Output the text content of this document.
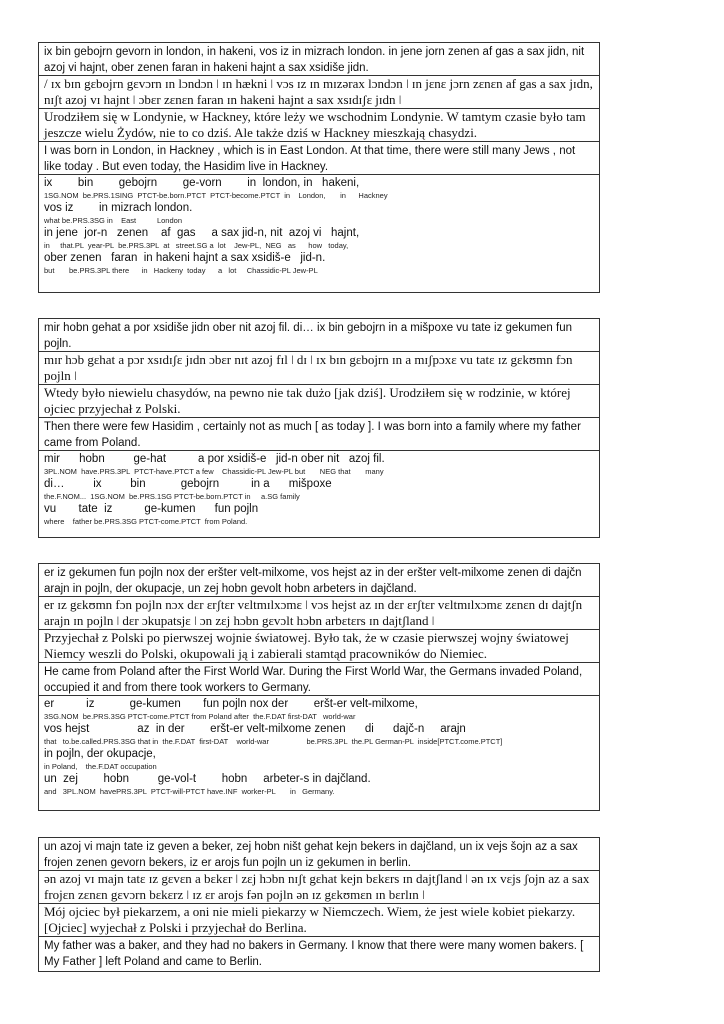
ix bin gebojrn gevorn in london, in hakeni, vos iz in mizrach london. in jene jorn zenen af gas a sax jidn, nit azoj vi hajnt, ober zenen faran in hakeni hajnt a sax xsidiše jidn.
/ ɪx bɪn gɛbojrn gɛvɔrn ɪn lɔndɔn ǀ ɪn hækni ǀ vɔs ɪz ɪn mɪzərax lɔndɔn ǀ ɪn jɛnɛ jɔrn zɛnɛn af gas a sax jɪdn, nɪʃt azoj vɪ hajnt ǀ ɔbɛr zɛnɛn faran ɪn hakeni hajnt a sax xsɪdɪʃɛ jɪdn ǀ
Urodziłem się w Londynie, w Hackney, które leży we wschodnim Londynie. W tamtym czasie było tam jeszcze wielu Żydów, nie to co dziś. Ale także dziś w Hackney mieszkają chasydzi.
I was born in London, in Hackney , which is in East London. At that time, there were still many Jews , not like today . But even today, the Hasidim live in Hackney.
ix        bin        gebojrn        ge-vorn        in  london, in   hakeni,
1SG.NOM  be.PRS.1SING  PTCT-be.born.PTCT  PTCT-become.PTCT  in    London,       in      Hackney
vos iz        in mizrach london.
what be.PRS.3SG in    East          London
in jene  jor-n   zenen    af  gas     a sax jid-n, nit  azoj vi   hajnt,
in     that.PL  year-PL  be.PRS.3PL  at   street.SG a  lot    Jew-PL,  NEG   as      how   today,
ober zenen   faran  in hakeni hajnt a sax xsidiš-e   jid-n.
but       be.PRS.3PL there      in   Hackeny  today      a   lot     Chassidic-PL Jew-PL
mir hobn gehat a por xsidiše jidn ober nit azoj fil. di… ix bin gebojrn in a mišpoxe vu tate iz gekumen fun pojln.
mɪr hɔb gɛhat a pɔr xsɪdɪʃɛ jɪdn ɔbɛr nɪt azoj fɪl ǀ dɪ ǀ ɪx bɪn gɛbojrn ɪn a mɪʃpɔxɛ vu tatɛ ɪz gɛkʊmn fɔn pojln ǀ
Wtedy było niewielu chasydów, na pewno nie tak dużo [jak dziś]. Urodziłem się w rodzinie, w której ojciec przyjechał z Polski.
Then there were few Hasidim , certainly not as much [ as today ]. I was born into a family where my father came from Poland.
mir      hobn         ge-hat          a por xsidiš-e   jid-n ober nit   azoj fil.
3PL.NOM  have.PRS.3PL  PTCT-have.PTCT a few    Chassidic-PL Jew-PL but       NEG that       many
di…         ix         bin           gebojrn          in a      mišpoxe
the.F.NOM...  1SG.NOM  be.PRS.1SG PTCT-be.born.PTCT in     a.SG family
vu       tate  iz          ge-kumen      fun pojln
where    father be.PRS.3SG PTCT-come.PTCT  from Poland.
er iz gekumen fun pojln nox der eršter velt-milxome, vos hejst az in der eršter velt-milxome zenen di dajčn arajn in pojln, der okupacje, un zej hobn gevolt hobn arbeters in dajčland.
er ɪz gɛkʊmn fɔn pojln nɔx dɛr ɛrʃtɛr vɛltmɪlxɔmɛ ǀ vɔs hejst az ɪn dɛr ɛrʃtɛr vɛltmɪlxɔmɛ zɛnɛn dɪ dajtʃn arajn ɪn pojln ǀ dɛr ɔkupatsjɛ ǀ ɔn zɛj hɔbn gɛvɔlt hɔbn arbɛtɛrs ɪn dajtʃland ǀ
Przyjechał z Polski po pierwszej wojnie światowej. Było tak, że w czasie pierwszej wojny światowej Niemcy weszli do Polski, okupowali ją i zabierali stamtąd pracowników do Niemiec.
He came from Poland after the First World War. During the First World War, the Germans invaded Poland, occupied it and from there took workers to Germany.
er          iz           ge-kumen       fun pojln nox der        eršt-er velt-milxome,
3SG.NOM  be.PRS.3SG PTCT-come.PTCT from Poland after  the.F.DAT first-DAT   world-war
vos hejst               az  in der        eršt-er velt-milxome zenen      di      dajč-n     arajn
that   to.be.called.PRS.3SG that in  the.F.DAT  first-DAT    world-war                  be.PRS.3PL  the.PL German-PL  inside[PTCT.come.PTCT]
in pojln, der okupacje,
in Poland,    the.F.DAT occupation
un  zej        hobn         ge-vol-t        hobn     arbeter-s in dajčland.
and   3PL.NOM  havePRS.3PL  PTCT-will-PTCT have.INF  worker-PL       in   Germany.
un azoj vi majn tate iz geven a beker, zej hobn ništ gehat kejn bekers in dajčland, un ix vejs šojn az a sax frojen zenen gevorn bekers, iz er arojs fun pojln un iz gekumen in berlin.
ən azoj vɪ majn tatɛ ɪz gɛvɛn a bɛkɛr ǀ zɛj hɔbn nɪʃt gɛhat kejn bɛkɛrs ɪn dajtʃland ǀ ən ɪx vɛjs ʃojn az a sax frojɛn zɛnɛn gɛvɔrn bɛkɛrz ǀ ɪz ɛr arojs fən pojln ən ɪz gɛkʊmɛn ɪn bɛrlɪn ǀ
Mój ojciec był piekarzem, a oni nie mieli piekarzy w Niemczech. Wiem, że jest wiele kobiet piekarzy. [Ojciec] wyjechał z Polski i przyjechał do Berlina.
My father was a baker, and they had no bakers in Germany. I know that there were many women bakers. [ My Father ] left Poland and came to Berlin.
